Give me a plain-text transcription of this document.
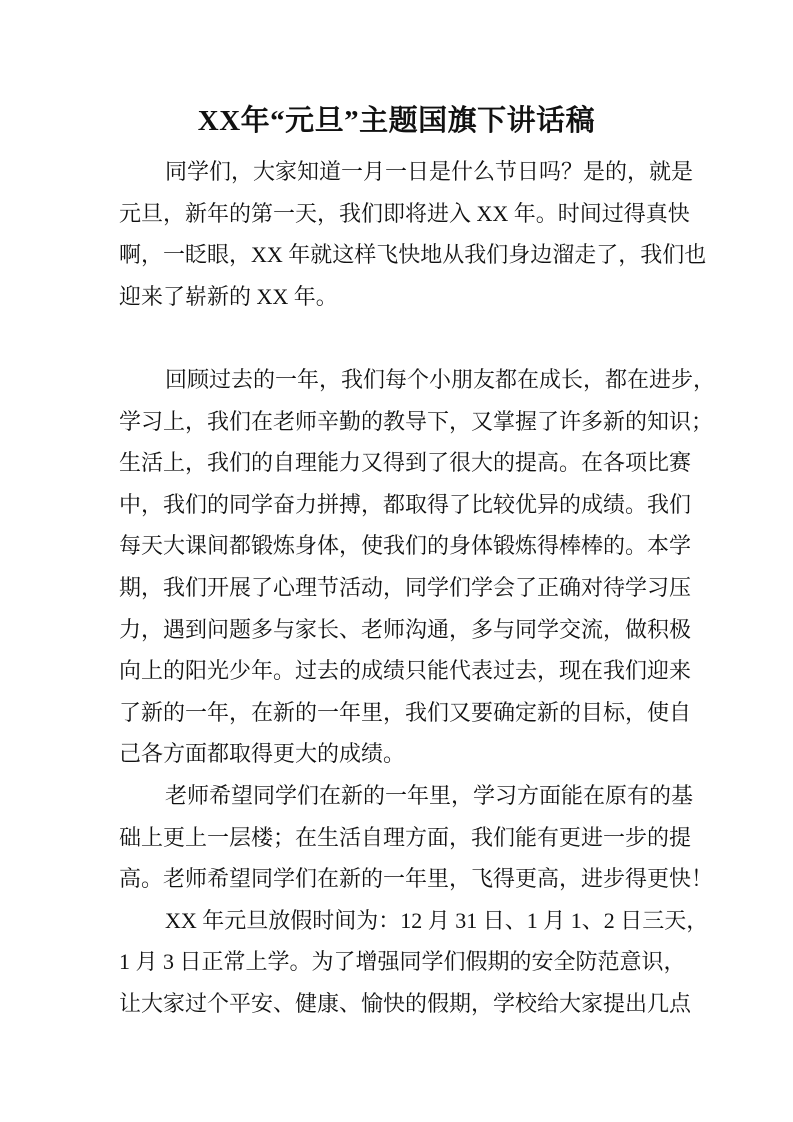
XX年“元旦”主题国旗下讲话稿
同学们，大家知道一月一日是什么节日吗？是的，就是
元旦，新年的第一天，我们即将进入 XX 年。时间过得真快
啊，一眨眼，XX 年就这样飞快地从我们身边溜走了，我们也
迎来了崭新的 XX 年。
回顾过去的一年，我们每个小朋友都在成长，都在进步，
学习上，我们在老师辛勤的教导下，又掌握了许多新的知识；
生活上，我们的自理能力又得到了很大的提高。在各项比赛
中，我们的同学奋力拼搏，都取得了比较优异的成绩。我们
每天大课间都锻炼身体，使我们的身体锻炼得棒棒的。本学
期，我们开展了心理节活动，同学们学会了正确对待学习压
力，遇到问题多与家长、老师沟通，多与同学交流，做积极
向上的阳光少年。过去的成绩只能代表过去，现在我们迎来
了新的一年，在新的一年里，我们又要确定新的目标，使自
己各方面都取得更大的成绩。
老师希望同学们在新的一年里，学习方面能在原有的基
础上更上一层楼；在生活自理方面，我们能有更进一步的提
高。老师希望同学们在新的一年里，飞得更高，进步得更快！
XX 年元旦放假时间为：12 月 31 日、1 月 1、2 日三天，
1 月 3 日正常上学。为了增强同学们假期的安全防范意识，
让大家过个平安、健康、愉快的假期，学校给大家提出几点
